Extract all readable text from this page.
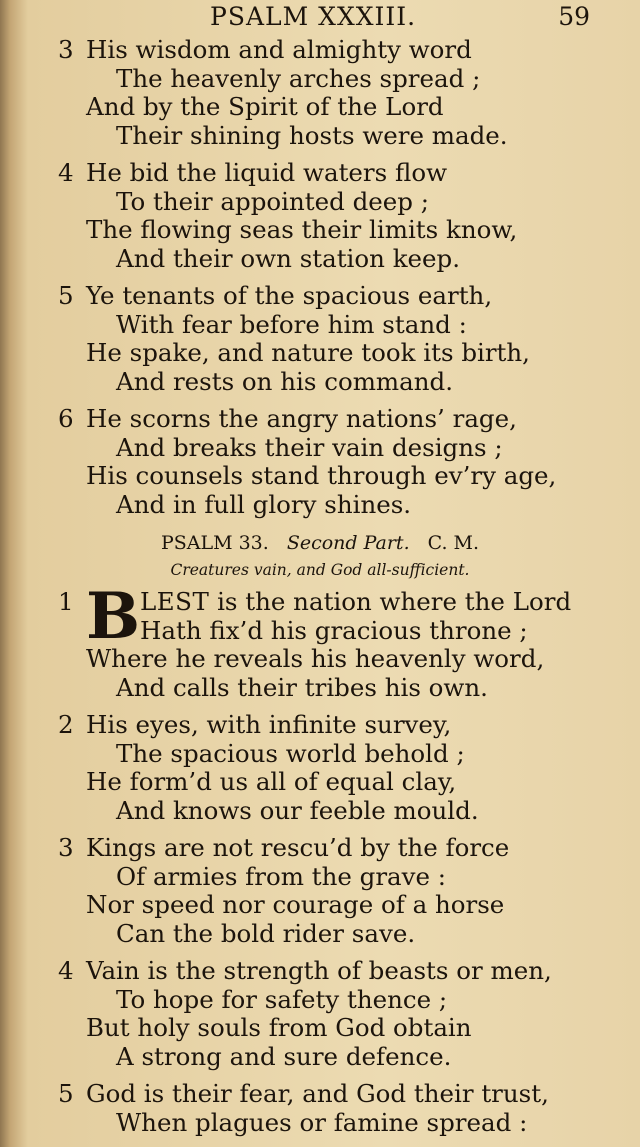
PSALM XXXIII.	59
3 His wisdom and almighty word
The heavenly arches spread ;
And by the Spirit of the Lord
Their shining hosts were made.
4 He bid the liquid waters flow
To their appointed deep ;
The flowing seas their limits know,
And their own station keep.
5 Ye tenants of the spacious earth,
With fear before him stand :
He spake, and nature took its birth,
And rests on his command.
6 He scorns the angry nations’ rage,
And breaks their vain designs ;
His counsels stand through ev’ry age,
And in full glory shines.
PSALM 33. Second Part. C. M.
Creatures vain, and God all-sufficient.
1 B LEST is the nation where the Lord
Hath fix’d his gracious throne ;
Where he reveals his heavenly word,
And calls their tribes his own.
2 His eyes, with infinite survey,
The spacious world behold ;
He form’d us all of equal clay,
And knows our feeble mould.
3 Kings are not rescu’d by the force
Of armies from the grave :
Nor speed nor courage of a horse
Can the bold rider save.
4 Vain is the strength of beasts or men,
To hope for safety thence ;
But holy souls from God obtain
A strong and sure defence.
5 God is their fear, and God their trust,
When plagues or famine spread :
